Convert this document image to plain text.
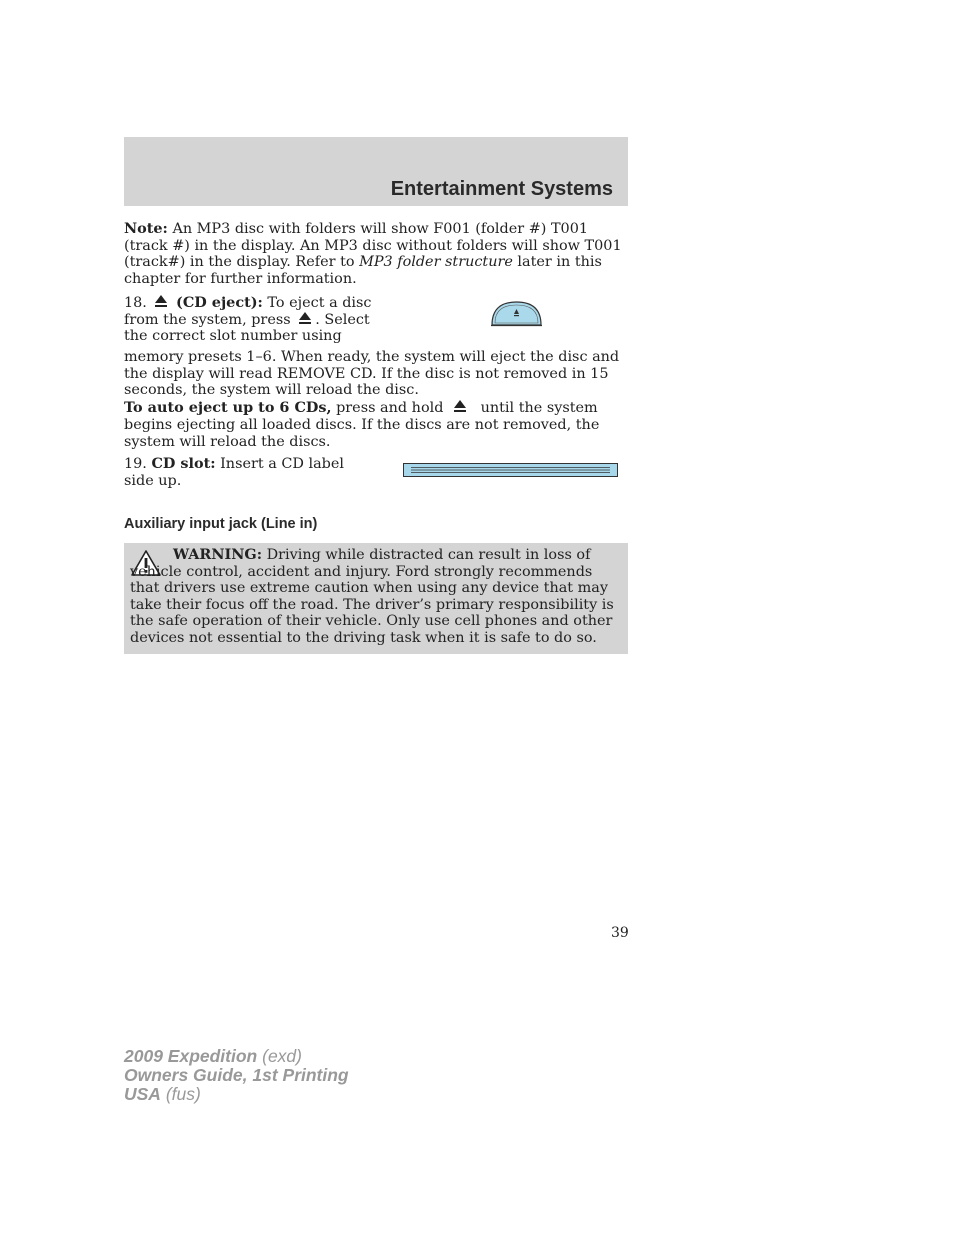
Entertainment Systems

Note: An MP3 disc with folders will show F001 (folder #) T001 (track #) in the display. An MP3 disc without folders will show T001 (track#) in the display. Refer to MP3 folder structure later in this chapter for further information.

18. (CD eject): To eject a disc
from the system, press . Select
the correct slot number using

memory presets 1–6. When ready, the system will eject the disc and the display will read REMOVE CD. If the disc is not removed in 15 seconds, the system will reload the disc.

To auto eject up to 6 CDs, press and hold  until the system begins ejecting all loaded discs. If the discs are not removed, the system will reload the discs.

19. CD slot: Insert a CD label side up.

Auxiliary input jack (Line in)

WARNING: Driving while distracted can result in loss of vehicle control, accident and injury. Ford strongly recommends that drivers use extreme caution when using any device that may take their focus off the road. The driver’s primary responsibility is the safe operation of their vehicle. Only use cell phones and other devices not essential to the driving task when it is safe to do so.

39
2009 Expedition (exd)
Owners Guide, 1st Printing
USA (fus)
